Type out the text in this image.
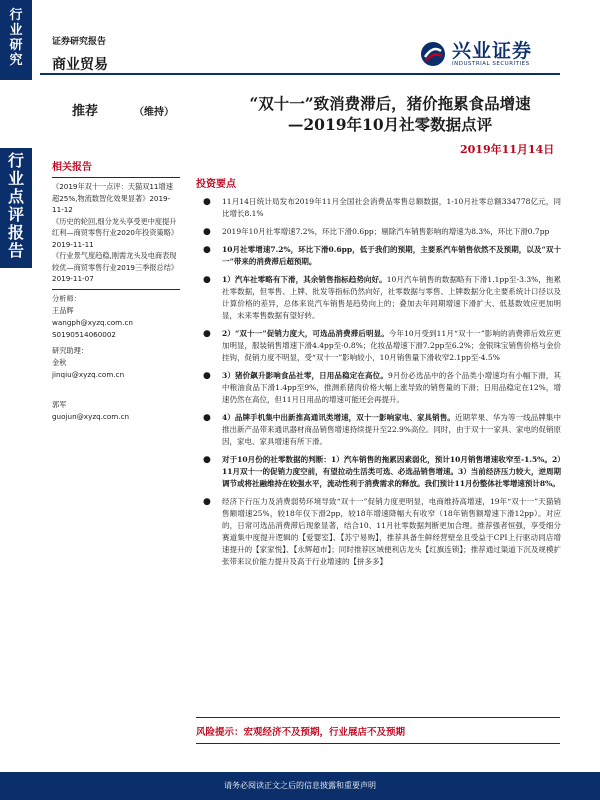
行
业
研
究
行
业
点
评
报
告
证券研究报告
商业贸易
兴业证券
INDUSTRIAL SECURITIES
推荐	（维持）	“双十一”致消费滞后，猪价拖累食品增速
—2019年10月社零数据点评
2019年11月14日
相关报告
《2019年双十一点评：天猫双11增速超25%,物流数智化效果显著》2019-11-12
《历史的轮回,细分龙头享受更中度提升红利—商贸零售行业2020年投资策略》2019-11-11
《行业景气度趋稳,刚需龙头及电商表现较优—商贸零售行业2019三季报总结》2019-11-07
分析师：
王品辉
wangph@xyzq.com.cn
S0190514060002
研究助理：
金秋
jinqiu@xyzq.com.cn
郭军
guojun@xyzq.com.cn
投资要点
● 11月14日统计局发布2019年11月全国社会消费品零售总额数据，1-10月社零总额334778亿元，同比增长8.1%
● 2019年10月社零增速7.2%，环比下滑0.6pp；剔除汽车销售影响的增速为8.3%，环比下滑0.7pp
● 10月社零增速7.2%，环比下滑0.6pp，低于我们的预期，主要系汽车销售依然不及预期，以及“双十一”带来的消费滞后超预期。
● 1）汽车社零略有下滑，其余销售指标趋势向好。10月汽车销售的数据略有下滑1.1pp至-3.3%，拖累社零数据，但零售、上牌、批发等指标仍然向好，社零数据与零售、上牌数据分化主要系统计口径以及计算价格的差异，总体来说汽车销售是趋势向上的；叠加去年同期增速下滑扩大、低基数效应更加明显，未来零售数据有望好转。
● 2）“双十一”促销力度大，可选品消费滞后明显。今年10月受到11月“双十一”影响的消费滞后效应更加明显，服装销售增速下滑4.4pp至-0.8%；化妆品增速下滑7.2pp至6.2%；金银珠宝销售价格与金价挂钩，促销力度不明显，受“双十一”影响较小，10月销售量下滑收窄2.1pp至-4.5%
● 3）猪价飙升影响食品社零，日用品稳定在高位。9月份必选品中的各个品类小增速均有小幅下滑，其中粮油食品下滑1.4pp至9%，推测系猪肉价格大幅上涨导致的销售量的下滑；日用品稳定在12%，增速仍然在高位，但11月日用品的增速可能还会再提升。
● 4）品牌手机集中出新推高通讯类增速，双十一影响家电、家具销售。近期苹果、华为等一线品牌集中推出新产品带来通讯器材商品销售增速持续提升至22.9%高位。同时，由于双十一家具、家电的促销原因，家电、家具增速有所下滑。
● 对于10月份的社零数据的判断：1）汽车销售的拖累因素弱化，预计10月销售增速收窄至-1.5%。2）11月双十一的促销力度空前，有望拉动生活类可选、必选品销售增速。3）当前经济压力较大，逆周期调节或将社融维持在较强水平，流动性利于消费需求的释放。我们预计11月份整体社零增速预计8%。
● 经济下行压力及消费弱势环境导致“双十一”促销力度更明显，电商维持高增速，19年“双十一”天猫销售额增速25%，较18年仅下滑2pp，较18年增速降幅大有收窄（18年销售额增速下滑12pp）。对应的，日常可选品消费滞后现象显著，结合10、11月社零数据判断更加合理。推荐强者恒强，享受细分赛道集中度提升逻辑的【爱婴室】、【苏宁易购】，推荐具备生鲜经营壁垒且受益于CPI上行驱动同店增速提升的【家家悦】、【永辉超市】；同时推荐区域便利店龙头【红旗连锁】；推荐通过渠道下沉及规模扩张带来议价能力提升及高于行业增速的【拼多多】
风险提示：宏观经济不及预期，行业展店不及预期
请务必阅读正文之后的信息披露和重要声明
